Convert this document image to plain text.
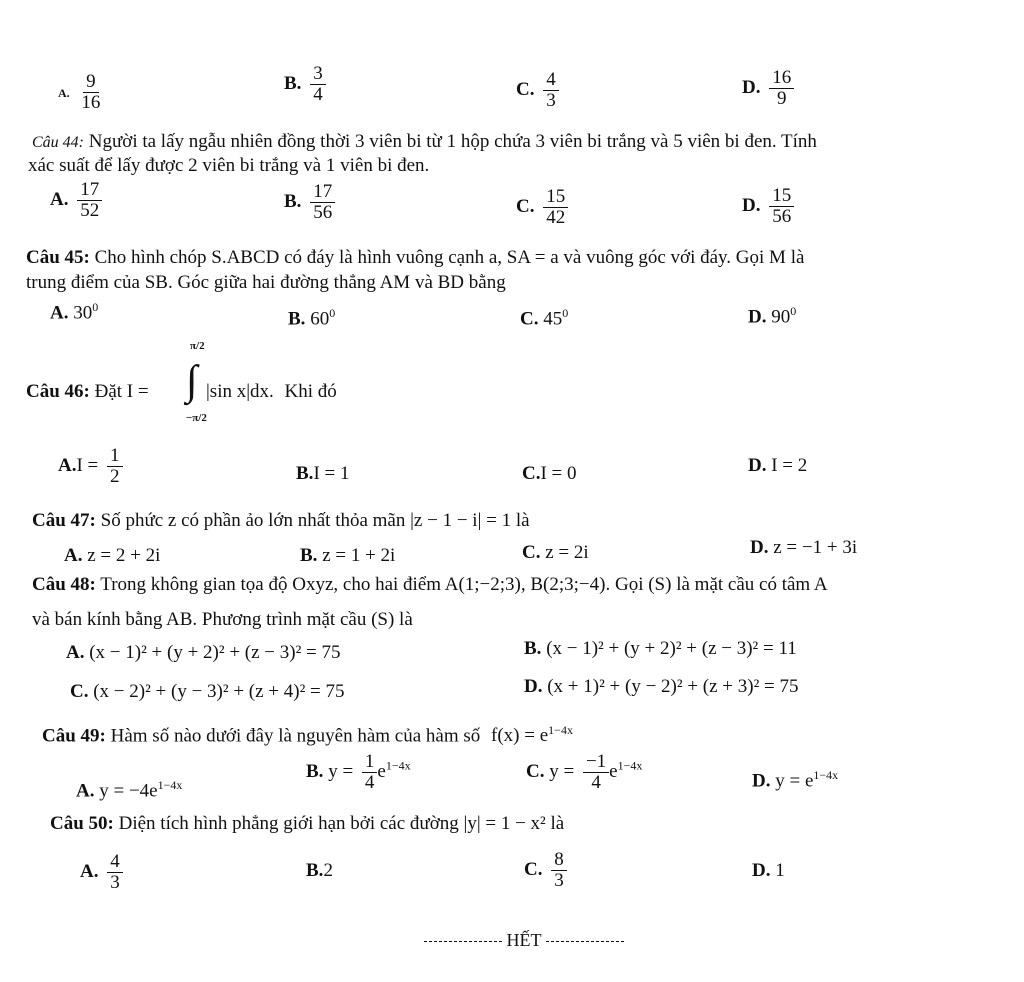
A. $\frac{9}{16}$	B. $\frac{3}{4}$	C. $\frac{4}{3}$	D. $\frac{16}{9}$
Câu 44: Người ta lấy ngẫu nhiên đồng thời 3 viên bi từ 1 hộp chứa 3 viên bi trắng và 5 viên bi đen. Tính
xác suất để lấy được 2 viên bi trắng và 1 viên bi đen.
A. $\frac{17}{52}$	B. $\frac{17}{56}$	C. $\frac{15}{42}$	D. $\frac{15}{56}$
Câu 45: Cho hình chóp S.ABCD có đáy là hình vuông cạnh a, SA = a và vuông góc với đáy. Gọi M là
trung điểm của SB. Góc giữa hai đường thẳng AM và BD bằng
A. $30^0$
B. $60^0$	C. $45^0$	D. $90^0$
Câu 46: Đặt I =
π/2
∫
−π/2
|sin x|dx. Khi đó
$A.I = \frac{1}{2}$	B.I = 1	C.I = 0	D. I = 2
Câu 47: Số phức z có phần ảo lớn nhất thỏa mãn |z − 1 − i| = 1 là
A. z = 2 + 2i	B. z = 1 + 2i	C. z = 2i	D. z = −1 + 3i
Câu 48: Trong không gian tọa độ Oxyz, cho hai điểm A(1;−2;3), B(2;3;−4). Gọi (S) là mặt cầu có tâm A
và bán kính bằng AB. Phương trình mặt cầu (S) là
A. (x − 1)² + (y + 2)² + (z − 3)² = 75	B. (x − 1)² + (y + 2)² + (z − 3)² = 11
C. (x − 2)² + (y − 3)² + (z + 4)² = 75	D. (x + 1)² + (y − 2)² + (z + 3)² = 75
Câu 49: Hàm số nào dưới đây là nguyên hàm của hàm số $f(x) = e^{1-4x}$
A. $y = -4e^{1-4x}$
B. $y = \frac{1}{4} e^{1-4x}$	C. $y = \frac{-1}{4} e^{1-4x}$
D. $y = e^{1-4x}$
Câu 50: Diện tích hình phẳng giới hạn bởi các đường |y| = 1 − x² là
A. $\frac{4}{3}$	B.2	C. $\frac{8}{3}$	D. 1
HẾT
